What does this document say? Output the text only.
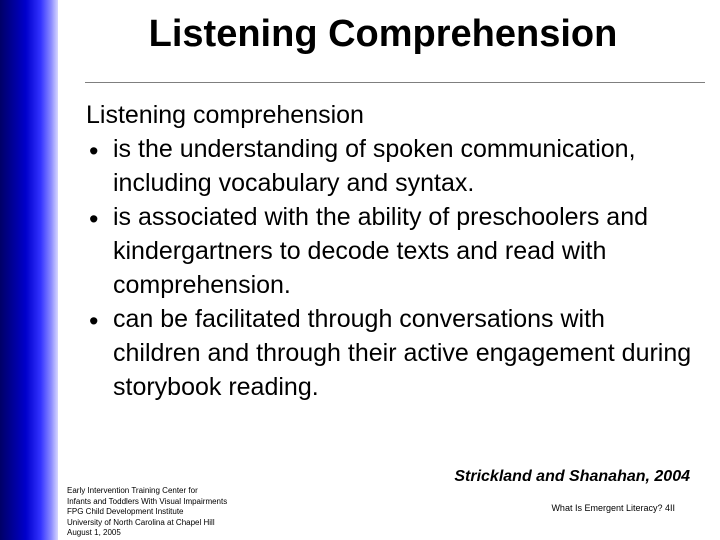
Listening Comprehension

Listening comprehension

• is the understanding of spoken communication, including vocabulary and syntax.
• is associated with the ability of preschoolers and kindergartners to decode texts and read with comprehension.
• can be facilitated through conversations with children and through their active engagement during storybook reading.

Strickland and Shanahan, 2004

Early Intervention Training Center for
Infants and Toddlers With Visual Impairments
FPG Child Development Institute
University of North Carolina at Chapel Hill
August 1, 2005

What Is Emergent Literacy? 4II
